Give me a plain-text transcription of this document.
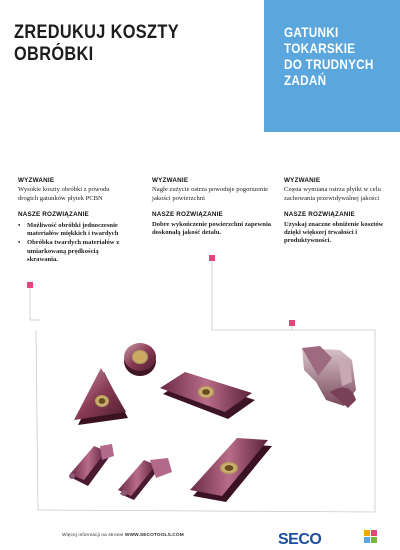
ZREDUKUJ KOSZTY
OBRÓBKI
GATUNKI
TOKARSKIE
DO TRUDNYCH
ZADAŃ
WYZWANIE
Wysokie koszty obróbki z powodu drogich gatunków płytek PCBN
NASZE ROZWIĄZANIE
• Możliwość obróbki jednoczesnie materiałów miękkich i twardych
• Obróbka twardych materiałów z umiarkowaną prędkością skrawania.
WYZWANIE
Nagłe zużycie ostrza powoduje pogorszenie jakości powierzchni
NASZE ROZWIĄZANIE
Dobre wykończenie powierzchni zapewnia doskonałą jakość detalu.
WYZWANIE
Częsta wymiana ostrza płytki w celu zachowania przewidywalnej jakości
NASZE ROZWIĄZANIE
Uzyskaj znaczne obniżenie kosztów dzięki większej trwałości i produktywności.
Więcej informacji na stronie WWW.SECOTOOLS.COM	SECO
